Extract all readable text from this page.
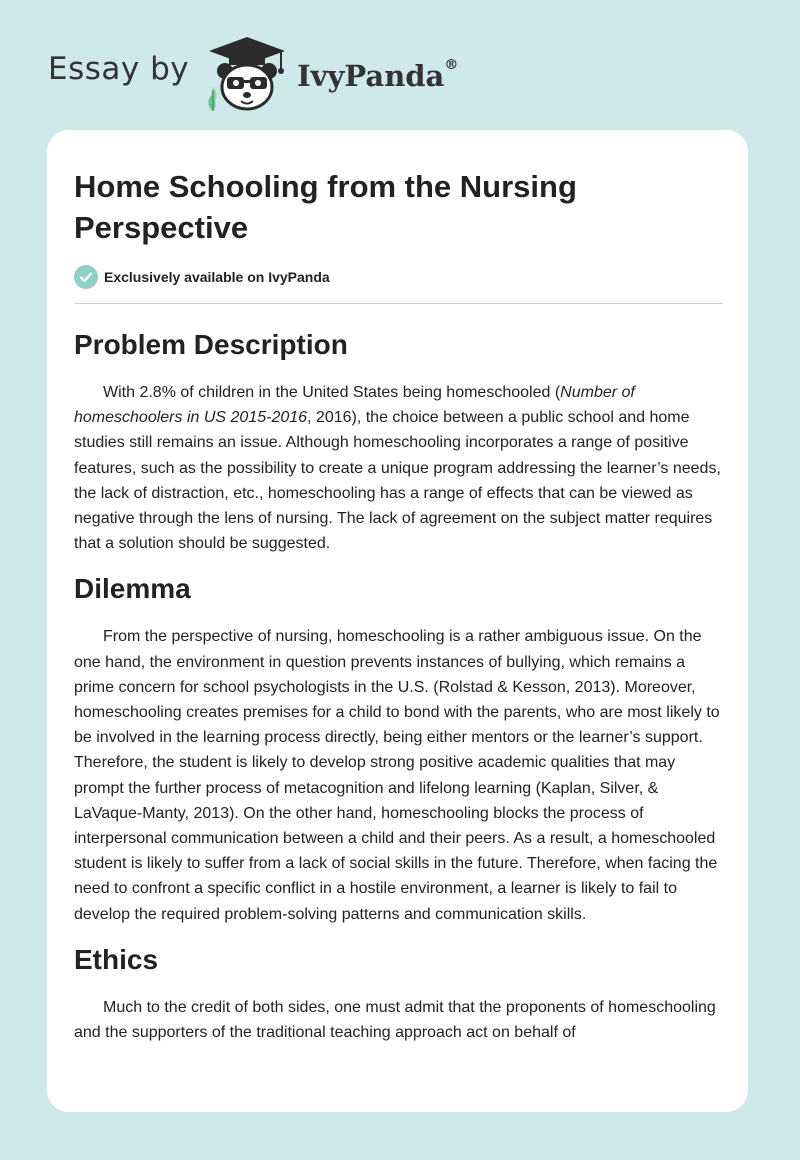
Essay by	IvyPanda®
Home Schooling from the Nursing Perspective
Exclusively available on IvyPanda
Problem Description

With 2.8% of children in the United States being homeschooled (Number of homeschoolers in US 2015-2016, 2016), the choice between a public school and home studies still remains an issue. Although homeschooling incorporates a range of positive features, such as the possibility to create a unique program addressing the learner’s needs, the lack of distraction, etc., homeschooling has a range of effects that can be viewed as negative through the lens of nursing. The lack of agreement on the subject matter requires that a solution should be suggested.

Dilemma

From the perspective of nursing, homeschooling is a rather ambiguous issue. On the one hand, the environment in question prevents instances of bullying, which remains a prime concern for school psychologists in the U.S. (Rolstad & Kesson, 2013). Moreover, homeschooling creates premises for a child to bond with the parents, who are most likely to be involved in the learning process directly, being either mentors or the learner’s support. Therefore, the student is likely to develop strong positive academic qualities that may prompt the further process of metacognition and lifelong learning (Kaplan, Silver, & LaVaque-Manty, 2013). On the other hand, homeschooling blocks the process of interpersonal communication between a child and their peers. As a result, a homeschooled student is likely to suffer from a lack of social skills in the future. Therefore, when facing the need to confront a specific conflict in a hostile environment, a learner is likely to fail to develop the required problem-solving patterns and communication skills.

Ethics

Much to the credit of both sides, one must admit that the proponents of homeschooling and the supporters of the traditional teaching approach act on behalf of
